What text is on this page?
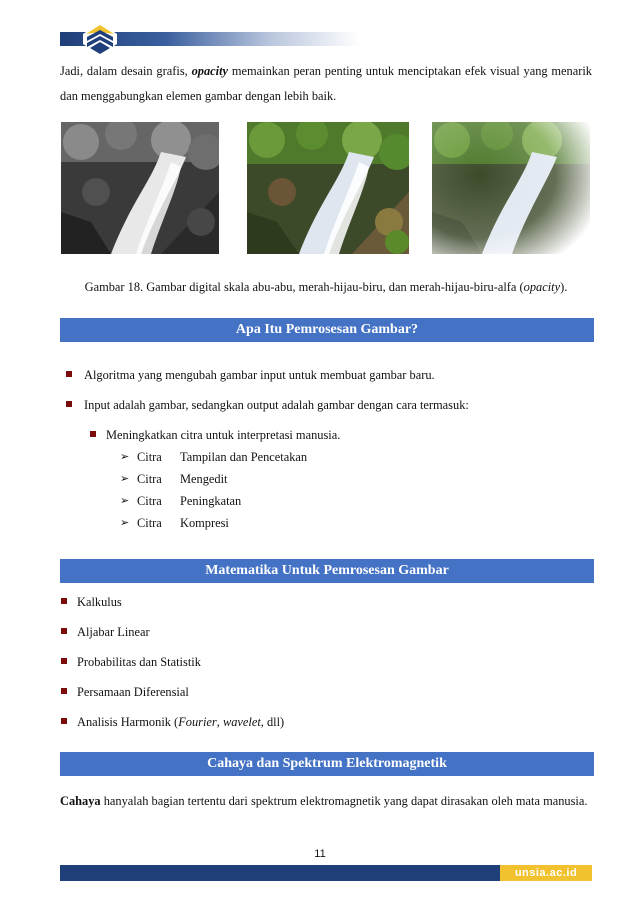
Jadi, dalam desain grafis, opacity memainkan peran penting untuk menciptakan efek visual yang menarik dan menggabungkan elemen gambar dengan lebih baik.
Gambar 18. Gambar digital skala abu-abu, merah-hijau-biru, dan merah-hijau-biru-alfa (opacity).
Apa Itu Pemrosesan Gambar?
Algoritma yang mengubah gambar input untuk membuat gambar baru.
Input adalah gambar, sedangkan output adalah gambar dengan cara termasuk:
Meningkatkan citra untuk interpretasi manusia.
➢ Citra Tampilan dan Pencetakan
➢ Citra Mengedit
➢ Citra Peningkatan
➢ Citra Kompresi
Matematika Untuk Pemrosesan Gambar
Kalkulus
Aljabar Linear
Probabilitas dan Statistik
Persamaan Diferensial
Analisis Harmonik (Fourier, wavelet, dll)
Cahaya dan Spektrum Elektromagnetik
Cahaya hanyalah bagian tertentu dari spektrum elektromagnetik yang dapat dirasakan oleh mata manusia.
11
unsia.ac.id
